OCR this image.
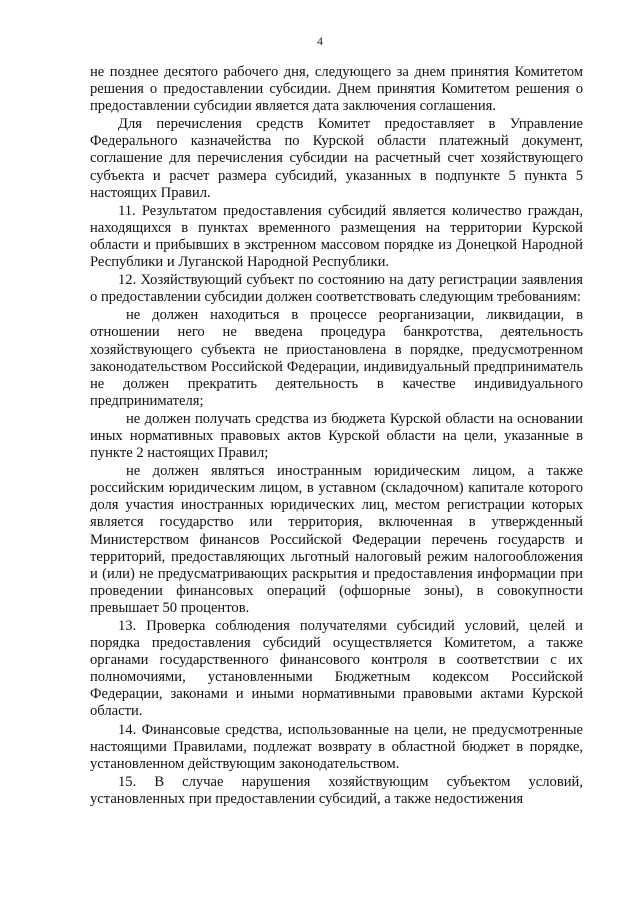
4

не позднее десятого рабочего дня, следующего за днем принятия Комитетом решения о предоставлении субсидии. Днем принятия Комитетом решения о предоставлении субсидии является дата заключения соглашения.

Для перечисления средств Комитет предоставляет в Управление Федерального казначейства по Курской области платежный документ, соглашение для перечисления субсидии на расчетный счет хозяйствующего субъекта и расчет размера субсидий, указанных в подпункте 5 пункта 5 настоящих Правил.

11. Результатом предоставления субсидий является количество граждан, находящихся в пунктах временного размещения на территории Курской области и прибывших в экстренном массовом порядке из Донецкой Народной Республики и Луганской Народной Республики.

12. Хозяйствующий субъект по состоянию на дату регистрации заявления о предоставлении субсидии должен соответствовать следующим требованиям:

не должен находиться в процессе реорганизации, ликвидации, в отношении него не введена процедура банкротства, деятельность хозяйствующего субъекта не приостановлена в порядке, предусмотренном законодательством Российской Федерации, индивидуальный предприниматель не должен прекратить деятельность в качестве индивидуального предпринимателя;

не должен получать средства из бюджета Курской области на основании иных нормативных правовых актов Курской области на цели, указанные в пункте 2 настоящих Правил;

не должен являться иностранным юридическим лицом, а также российским юридическим лицом, в уставном (складочном) капитале которого доля участия иностранных юридических лиц, местом регистрации которых является государство или территория, включенная в утвержденный Министерством финансов Российской Федерации перечень государств и территорий, предоставляющих льготный налоговый режим налогообложения и (или) не предусматривающих раскрытия и предоставления информации при проведении финансовых операций (офшорные зоны), в совокупности превышает 50 процентов.

13. Проверка соблюдения получателями субсидий условий, целей и порядка предоставления субсидий осуществляется Комитетом, а также органами государственного финансового контроля в соответствии с их полномочиями, установленными Бюджетным кодексом Российской Федерации, законами и иными нормативными правовыми актами Курской области.

14. Финансовые средства, использованные на цели, не предусмотренные настоящими Правилами, подлежат возврату в областной бюджет в порядке, установленном действующим законодательством.

15. В случае нарушения хозяйствующим субъектом условий, установленных при предоставлении субсидий, а также недостижения
